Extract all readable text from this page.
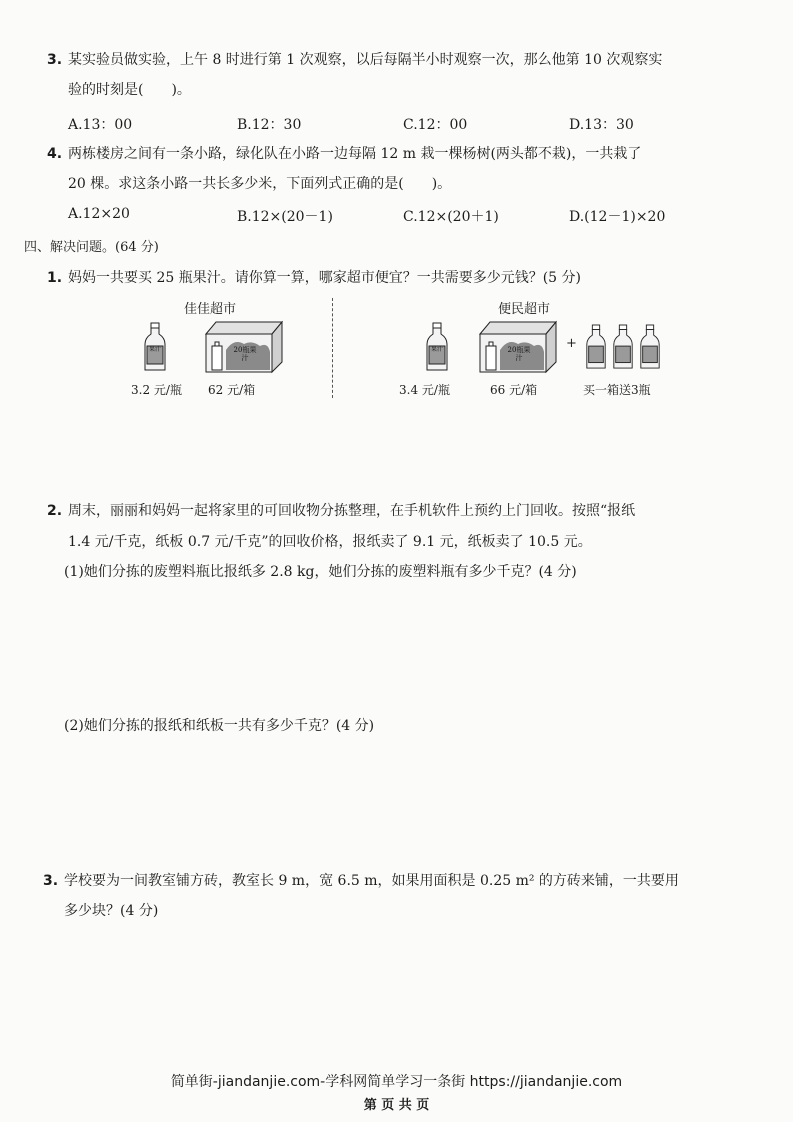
3. 某实验员做实验，上午 8 时进行第 1 次观察，以后每隔半小时观察一次，那么他第 10 次观察实
验的时刻是(　　)。
A.13：00	B.12：30	C.12：00	D.13：30
4. 两栋楼房之间有一条小路，绿化队在小路一边每隔 12 m 栽一棵杨树(两头都不栽)，一共栽了
20 棵。求这条小路一共长多少米，下面列式正确的是(　　)。
A.12×20	B.12×(20－1)	C.12×(20＋1)	D.(12－1)×20
四、解决问题。(64 分)
1. 妈妈一共要买 25 瓶果汁。请你算一算，哪家超市便宜？一共需要多少元钱？(5 分)
佳佳超市
果汁	20瓶果汁
3.2 元/瓶 62 元/箱
便民超市
果汁	20瓶果汁
+
3.4 元/瓶	66 元/箱	买一箱送3瓶
2. 周末，丽丽和妈妈一起将家里的可回收物分拣整理，在手机软件上预约上门回收。按照“报纸
1.4 元/千克，纸板 0.7 元/千克”的回收价格，报纸卖了 9.1 元，纸板卖了 10.5 元。
(1)她们分拣的废塑料瓶比报纸多 2.8 kg，她们分拣的废塑料瓶有多少千克？(4 分)
(2)她们分拣的报纸和纸板一共有多少千克？(4 分)
3. 学校要为一间教室铺方砖，教室长 9 m，宽 6.5 m，如果用面积是 0.25 m² 的方砖来铺，一共要用
多少块？(4 分)
简单街-jiandanjie.com-学科网简单学习一条街 https://jiandanjie.com
第 页 共 页
